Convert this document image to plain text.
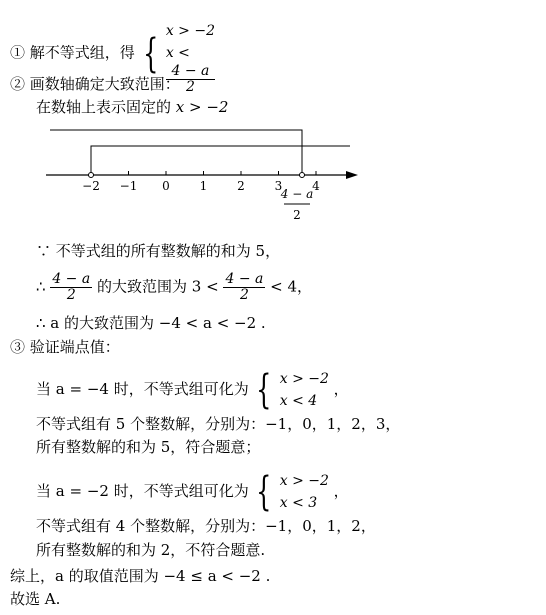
① 解不等式组，得 { x > −2
x <
4 − a
2
② 画数轴确定大致范围：
在数轴上表示固定的 x > −2
−2 −1 0 1 2 3 4
4 − a
2
∵ 不等式组的所有整数解的和为 5，
∴ $\frac{4 - a}{2}$ 的大致范围为 $3 < \frac{4 - a}{2} < 4$，
∴ a 的大致范围为 −4 < a < −2 .
③ 验证端点值：
当 a = −4 时，不等式组可化为 { x > −2
x < 4
，
不等式组有 5 个整数解，分别为：−1，0，1，2，3，
所有整数解的和为 5，符合题意；
当 a = −2 时，不等式组可化为 { x > −2
x < 3
，
不等式组有 4 个整数解，分别为：−1，0，1，2，
所有整数解的和为 2，不符合题意.
综上，a 的取值范围为 −4 ≤ a < −2 .
故选 A.
